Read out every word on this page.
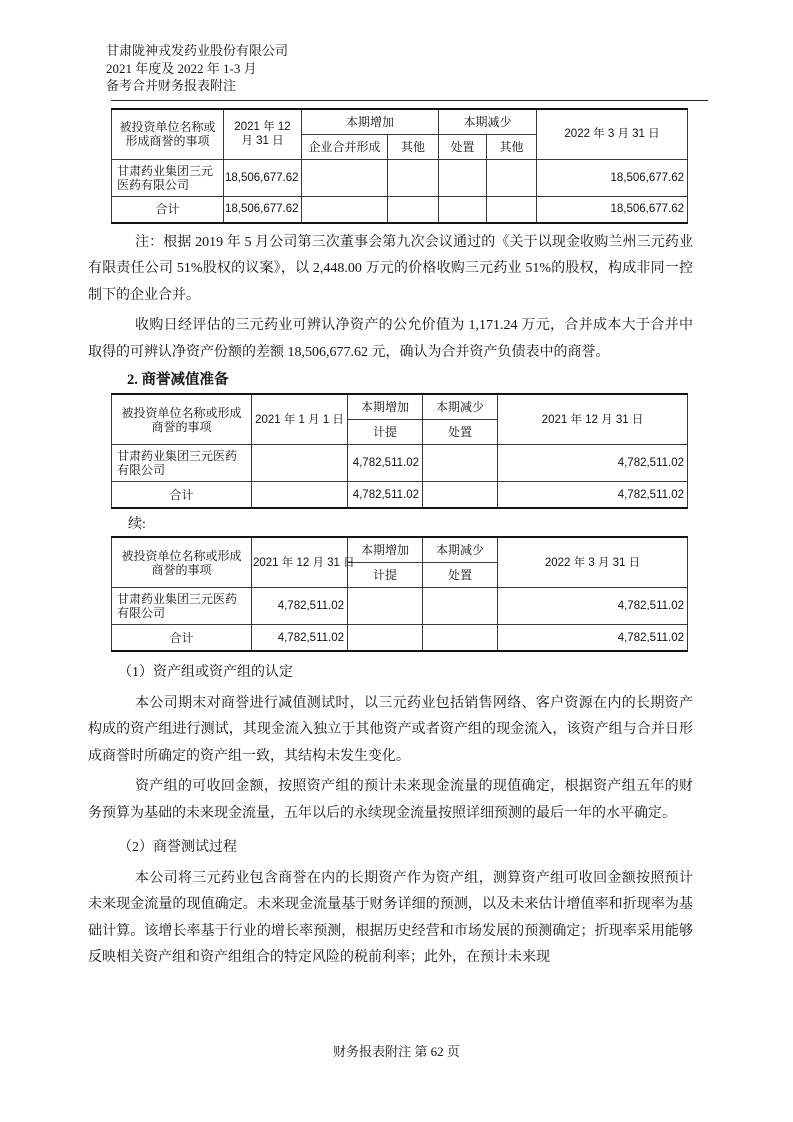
甘肃陇神戎发药业股份有限公司
2021 年度及 2022 年 1-3 月
备考合并财务报表附注
被投资单位名称或形成商誉的事项	2021 年 12 月 31 日	本期增加		本期减少		2022 年 3 月 31 日
		企业合并形成	其他	处置	其他	
甘肃药业集团三元医药有限公司	18,506,677.62					18,506,677.62
合计	18,506,677.62					18,506,677.62

注：根据 2019 年 5 月公司第三次董事会第九次会议通过的《关于以现金收购兰州三元药业有限责任公司 51%股权的议案》，以 2,448.00 万元的价格收购三元药业 51%的股权，构成非同一控制下的企业合并。

收购日经评估的三元药业可辨认净资产的公允价值为 1,171.24 万元，合并成本大于合并中取得的可辨认净资产份额的差额 18,506,677.62 元，确认为合并资产负债表中的商誉。

2. 商誉减值准备

被投资单位名称或形成商誉的事项	2021 年 1 月 1 日	本期增加	本期减少	2021 年 12 月 31 日
		计提	处置	
甘肃药业集团三元医药有限公司		4,782,511.02		4,782,511.02
合计		4,782,511.02		4,782,511.02

续:

被投资单位名称或形成商誉的事项	2021 年 12 月 31 日	本期增加	本期减少	2022 年 3 月 31 日
		计提	处置	
甘肃药业集团三元医药有限公司	4,782,511.02			4,782,511.02
合计	4,782,511.02			4,782,511.02

（1）资产组或资产组的认定

本公司期末对商誉进行减值测试时，以三元药业包括销售网络、客户资源在内的长期资产构成的资产组进行测试，其现金流入独立于其他资产或者资产组的现金流入，该资产组与合并日形成商誉时所确定的资产组一致，其结构未发生变化。

资产组的可收回金额，按照资产组的预计未来现金流量的现值确定，根据资产组五年的财务预算为基础的未来现金流量，五年以后的永续现金流量按照详细预测的最后一年的水平确定。

（2）商誉测试过程

本公司将三元药业包含商誉在内的长期资产作为资产组，测算资产组可收回金额按照预计未来现金流量的现值确定。未来现金流量基于财务详细的预测，以及未来估计增值率和折现率为基础计算。该增长率基于行业的增长率预测，根据历史经营和市场发展的预测确定；折现率采用能够反映相关资产组和资产组组合的特定风险的税前利率；此外，在预计未来现

财务报表附注 第 62 页
